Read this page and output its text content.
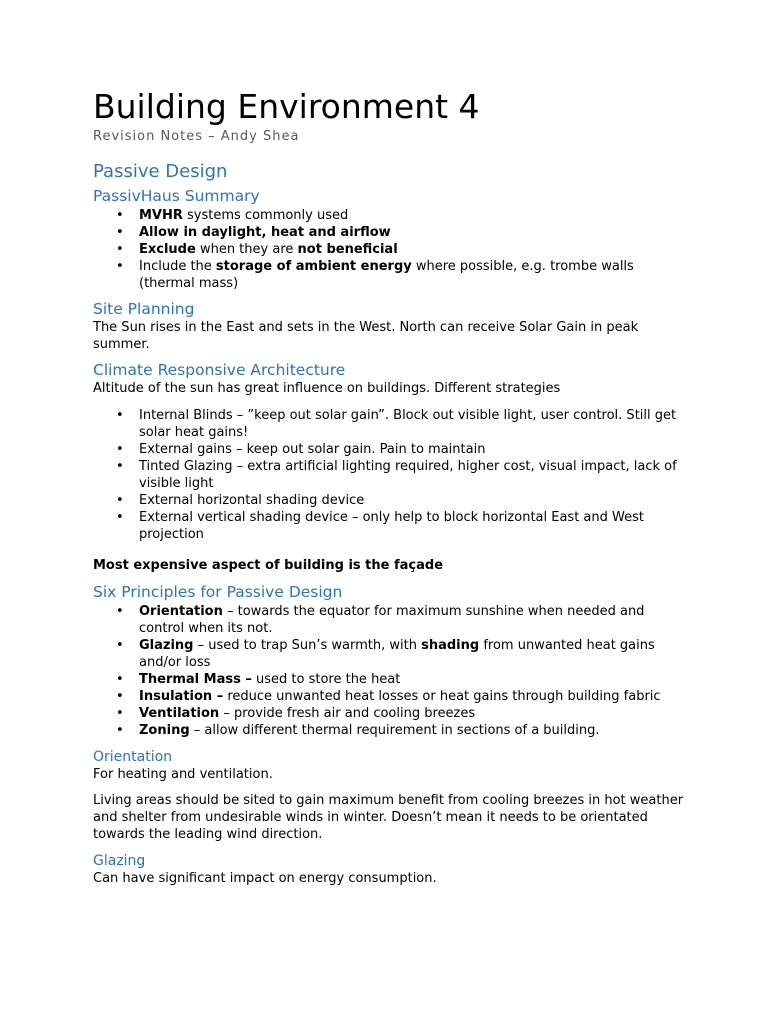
Building Environment 4

Revision Notes – Andy Shea

Passive Design
PassivHaus Summary
• MVHR systems commonly used
• Allow in daylight, heat and airflow
• Exclude when they are not beneficial
• Include the storage of ambient energy where possible, e.g. trombe walls (thermal mass)
Site Planning

The Sun rises in the East and sets in the West. North can receive Solar Gain in peak summer.

Climate Responsive Architecture

Altitude of the sun has great influence on buildings. Different strategies

• Internal Blinds – ”keep out solar gain”. Block out visible light, user control. Still get solar heat gains!
• External gains – keep out solar gain. Pain to maintain
• Tinted Glazing – extra artificial lighting required, higher cost, visual impact, lack of visible light
• External horizontal shading device
• External vertical shading device – only help to block horizontal East and West projection

Most expensive aspect of building is the façade

Six Principles for Passive Design
• Orientation – towards the equator for maximum sunshine when needed and control when its not.
• Glazing – used to trap Sun’s warmth, with shading from unwanted heat gains and/or loss
• Thermal Mass – used to store the heat
• Insulation – reduce unwanted heat losses or heat gains through building fabric
• Ventilation – provide fresh air and cooling breezes
• Zoning – allow different thermal requirement in sections of a building.
Orientation

For heating and ventilation.

Living areas should be sited to gain maximum benefit from cooling breezes in hot weather and shelter from undesirable winds in winter. Doesn’t mean it needs to be orientated towards the leading wind direction.

Glazing

Can have significant impact on energy consumption.
